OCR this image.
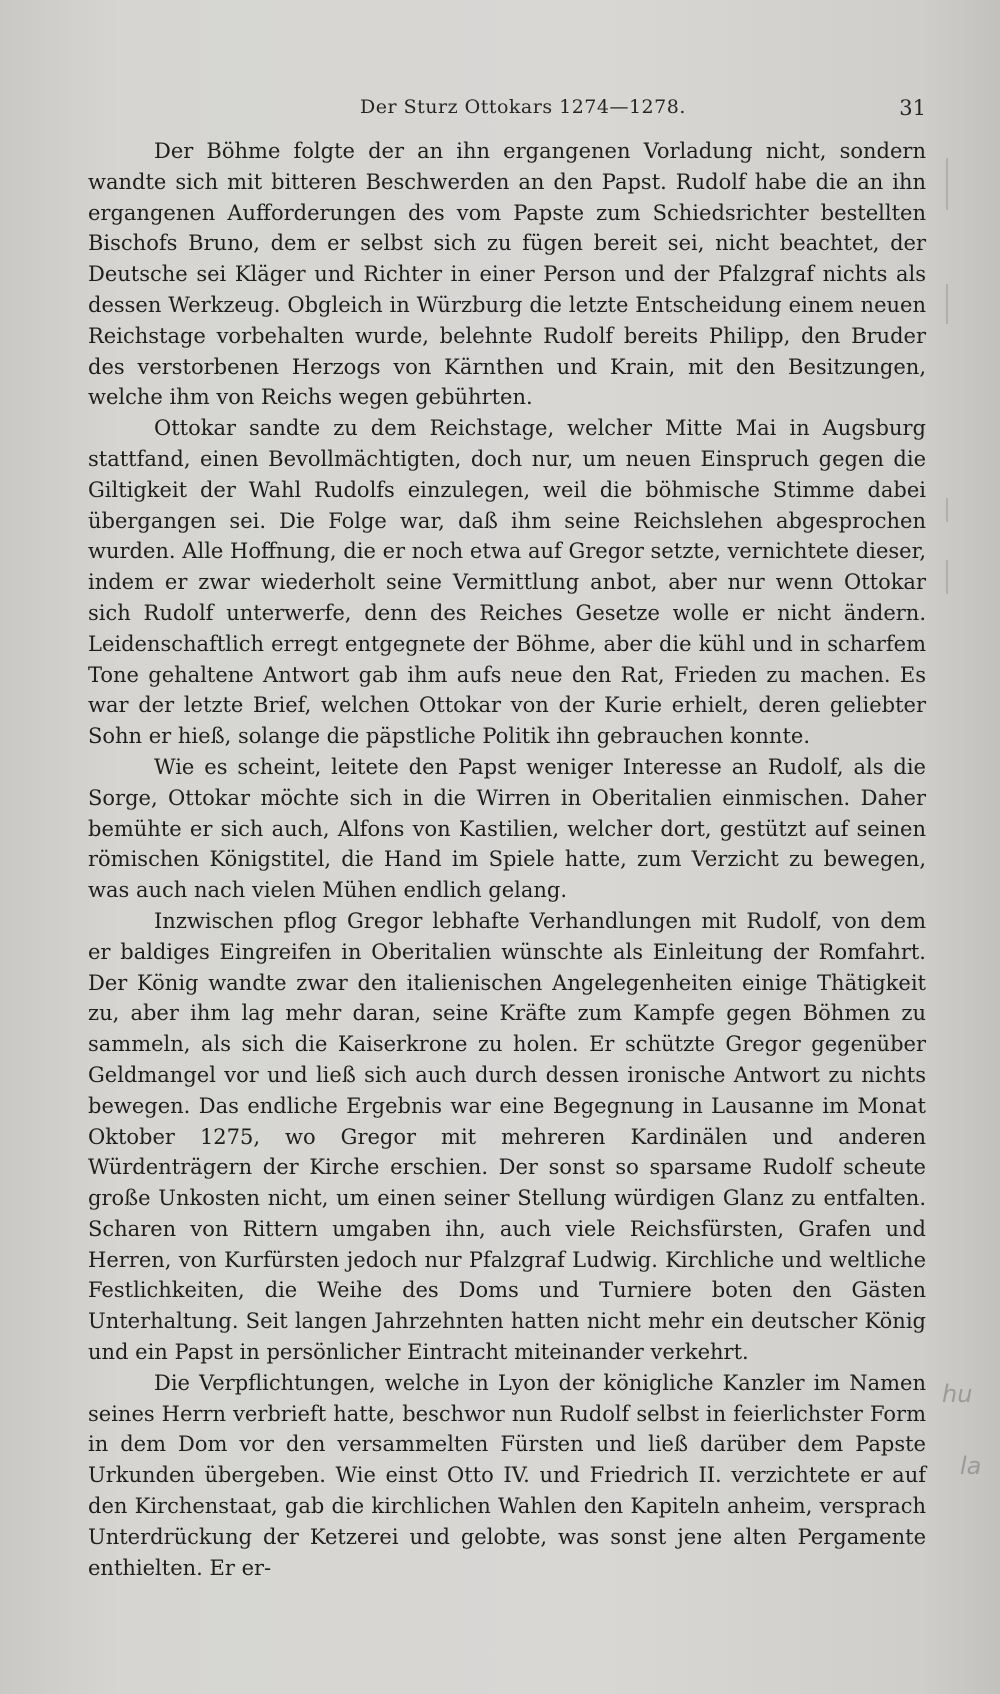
Der Sturz Ottokars 1274—1278.	31

Der Böhme folgte der an ihn ergangenen Vorladung nicht, sondern wandte sich mit bitteren Beschwerden an den Papst. Rudolf habe die an ihn ergangenen Aufforderungen des vom Papste zum Schiedsrichter bestellten Bischofs Bruno, dem er selbst sich zu fügen bereit sei, nicht beachtet, der Deutsche sei Kläger und Richter in einer Person und der Pfalzgraf nichts als dessen Werkzeug. Obgleich in Würzburg die letzte Entscheidung einem neuen Reichstage vorbehalten wurde, belehnte Rudolf bereits Philipp, den Bruder des verstorbenen Herzogs von Kärnthen und Krain, mit den Besitzungen, welche ihm von Reichs wegen gebührten.

Ottokar sandte zu dem Reichstage, welcher Mitte Mai in Augsburg stattfand, einen Bevollmächtigten, doch nur, um neuen Einspruch gegen die Giltigkeit der Wahl Rudolfs einzulegen, weil die böhmische Stimme dabei übergangen sei. Die Folge war, daß ihm seine Reichslehen abgesprochen wurden. Alle Hoffnung, die er noch etwa auf Gregor setzte, vernichtete dieser, indem er zwar wiederholt seine Vermittlung anbot, aber nur wenn Ottokar sich Rudolf unterwerfe, denn des Reiches Gesetze wolle er nicht ändern. Leidenschaftlich erregt entgegnete der Böhme, aber die kühl und in scharfem Tone gehaltene Antwort gab ihm aufs neue den Rat, Frieden zu machen. Es war der letzte Brief, welchen Ottokar von der Kurie erhielt, deren geliebter Sohn er hieß, solange die päpstliche Politik ihn gebrauchen konnte.

Wie es scheint, leitete den Papst weniger Interesse an Rudolf, als die Sorge, Ottokar möchte sich in die Wirren in Oberitalien einmischen. Daher bemühte er sich auch, Alfons von Kastilien, welcher dort, gestützt auf seinen römischen Königstitel, die Hand im Spiele hatte, zum Verzicht zu bewegen, was auch nach vielen Mühen endlich gelang.

Inzwischen pflog Gregor lebhafte Verhandlungen mit Rudolf, von dem er baldiges Eingreifen in Oberitalien wünschte als Einleitung der Romfahrt. Der König wandte zwar den italienischen Angelegenheiten einige Thätigkeit zu, aber ihm lag mehr daran, seine Kräfte zum Kampfe gegen Böhmen zu sammeln, als sich die Kaiserkrone zu holen. Er schützte Gregor gegenüber Geldmangel vor und ließ sich auch durch dessen ironische Antwort zu nichts bewegen. Das endliche Ergebnis war eine Begegnung in Lausanne im Monat Oktober 1275, wo Gregor mit mehreren Kardinälen und anderen Würdenträgern der Kirche erschien. Der sonst so sparsame Rudolf scheute große Unkosten nicht, um einen seiner Stellung würdigen Glanz zu entfalten. Scharen von Rittern umgaben ihn, auch viele Reichsfürsten, Grafen und Herren, von Kurfürsten jedoch nur Pfalzgraf Ludwig. Kirchliche und weltliche Festlichkeiten, die Weihe des Doms und Turniere boten den Gästen Unterhaltung. Seit langen Jahrzehnten hatten nicht mehr ein deutscher König und ein Papst in persönlicher Eintracht miteinander verkehrt.

Die Verpflichtungen, welche in Lyon der königliche Kanzler im Namen seines Herrn verbrieft hatte, beschwor nun Rudolf selbst in feierlichster Form in dem Dom vor den versammelten Fürsten und ließ darüber dem Papste Urkunden übergeben. Wie einst Otto IV. und Friedrich II. verzichtete er auf den Kirchenstaat, gab die kirchlichen Wahlen den Kapiteln anheim, versprach Unterdrückung der Ketzerei und gelobte, was sonst jene alten Pergamente enthielten. Er er-

hu
la
